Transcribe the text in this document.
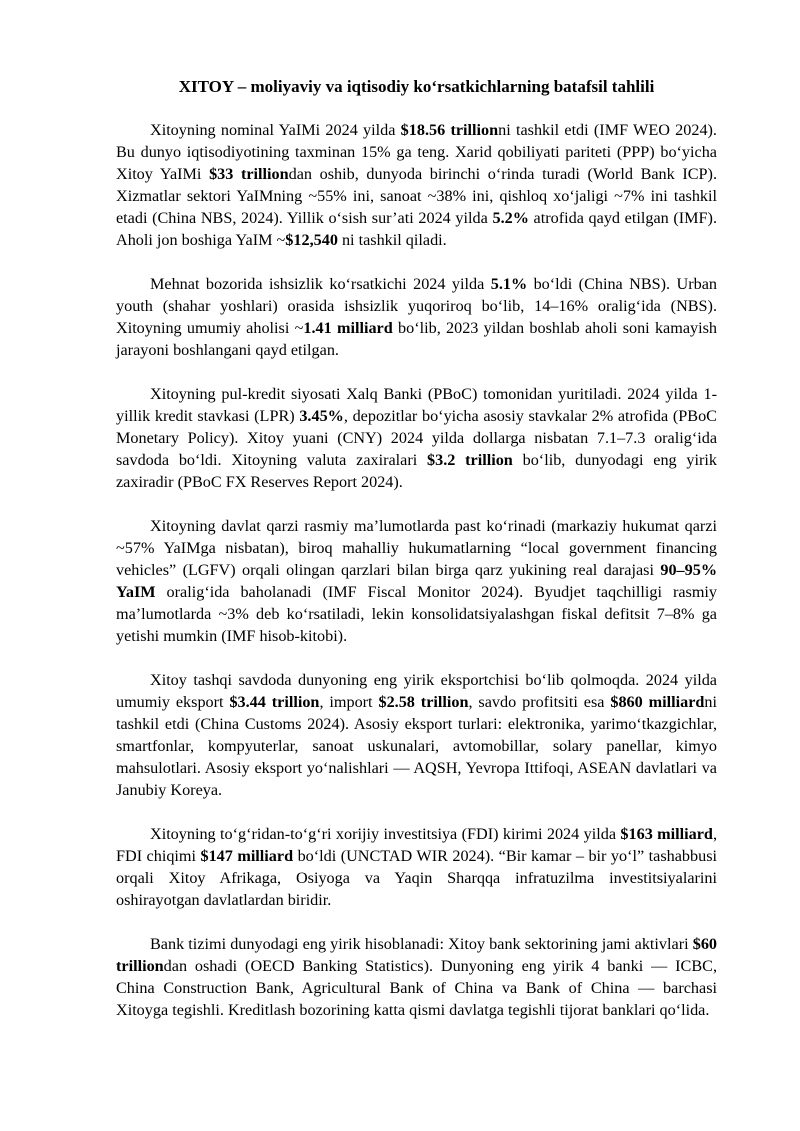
XITOY – moliyaviy va iqtisodiy ko‘rsatkichlarning batafsil tahlili

Xitoyning nominal YaIMi 2024 yilda $18.56 trillionni tashkil etdi (IMF WEO 2024). Bu dunyo iqtisodiyotining taxminan 15% ga teng. Xarid qobiliyati pariteti (PPP) bo‘yicha Xitoy YaIMi $33 trilliondan oshib, dunyoda birinchi o‘rinda turadi (World Bank ICP). Xizmatlar sektori YaIMning ~55% ini, sanoat ~38% ini, qishloq xo‘jaligi ~7% ini tashkil etadi (China NBS, 2024). Yillik o‘sish sur’ati 2024 yilda 5.2% atrofida qayd etilgan (IMF). Aholi jon boshiga YaIM ~$12,540 ni tashkil qiladi.

Mehnat bozorida ishsizlik ko‘rsatkichi 2024 yilda 5.1% bo‘ldi (China NBS). Urban youth (shahar yoshlari) orasida ishsizlik yuqoriroq bo‘lib, 14–16% oralig‘ida (NBS). Xitoyning umumiy aholisi ~1.41 milliard bo‘lib, 2023 yildan boshlab aholi soni kamayish jarayoni boshlangani qayd etilgan.

Xitoyning pul-kredit siyosati Xalq Banki (PBoC) tomonidan yuritiladi. 2024 yilda 1-yillik kredit stavkasi (LPR) 3.45%, depozitlar bo‘yicha asosiy stavkalar 2% atrofida (PBoC Monetary Policy). Xitoy yuani (CNY) 2024 yilda dollarga nisbatan 7.1–7.3 oralig‘ida savdoda bo‘ldi. Xitoyning valuta zaxiralari $3.2 trillion bo‘lib, dunyodagi eng yirik zaxiradir (PBoC FX Reserves Report 2024).

Xitoyning davlat qarzi rasmiy ma’lumotlarda past ko‘rinadi (markaziy hukumat qarzi ~57% YaIMga nisbatan), biroq mahalliy hukumatlarning “local government financing vehicles” (LGFV) orqali olingan qarzlari bilan birga qarz yukining real darajasi 90–95% YaIM oralig‘ida baholanadi (IMF Fiscal Monitor 2024). Byudjet taqchilligi rasmiy ma’lumotlarda ~3% deb ko‘rsatiladi, lekin konsolidatsiyalashgan fiskal defitsit 7–8% ga yetishi mumkin (IMF hisob-kitobi).

Xitoy tashqi savdoda dunyoning eng yirik eksportchisi bo‘lib qolmoqda. 2024 yilda umumiy eksport $3.44 trillion, import $2.58 trillion, savdo profitsiti esa $860 milliardni tashkil etdi (China Customs 2024). Asosiy eksport turlari: elektronika, yarimo‘tkazgichlar, smartfonlar, kompyuterlar, sanoat uskunalari, avtomobillar, solary panellar, kimyo mahsulotlari. Asosiy eksport yo‘nalishlari — AQSH, Yevropa Ittifoqi, ASEAN davlatlari va Janubiy Koreya.

Xitoyning to‘g‘ridan-to‘g‘ri xorijiy investitsiya (FDI) kirimi 2024 yilda $163 milliard, FDI chiqimi $147 milliard bo‘ldi (UNCTAD WIR 2024). “Bir kamar – bir yo‘l” tashabbusi orqali Xitoy Afrikaga, Osiyoga va Yaqin Sharqqa infratuzilma investitsiyalarini oshirayotgan davlatlardan biridir.

Bank tizimi dunyodagi eng yirik hisoblanadi: Xitoy bank sektorining jami aktivlari $60 trilliondan oshadi (OECD Banking Statistics). Dunyoning eng yirik 4 banki — ICBC, China Construction Bank, Agricultural Bank of China va Bank of China — barchasi Xitoyga tegishli. Kreditlash bozorining katta qismi davlatga tegishli tijorat banklari qo‘lida.
